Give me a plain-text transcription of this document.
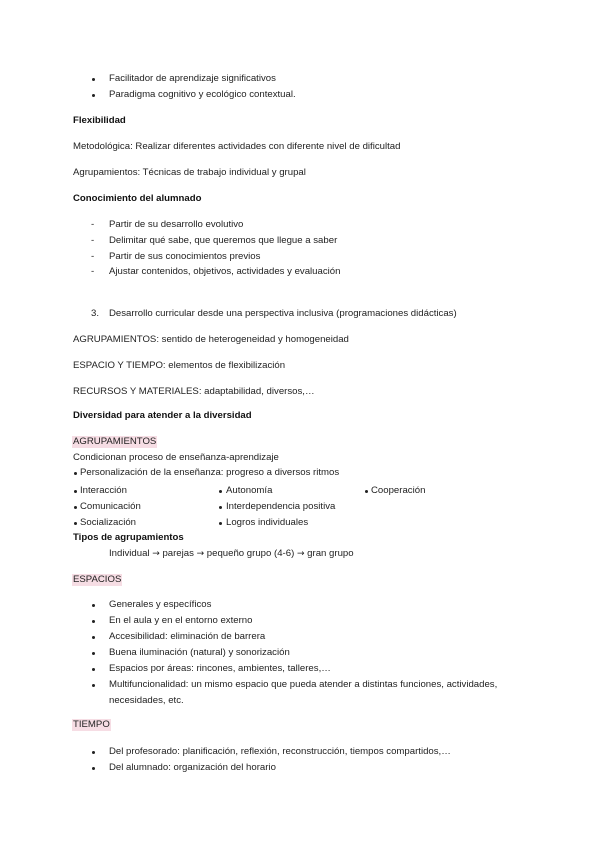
Facilitador de aprendizaje significativos
Paradigma cognitivo y ecológico contextual.
Flexibilidad
Metodológica: Realizar diferentes actividades con diferente nivel de dificultad
Agrupamientos: Técnicas de trabajo individual y grupal
Conocimiento del alumnado
- Partir de su desarrollo evolutivo
- Delimitar qué sabe, que queremos que llegue a saber
- Partir de sus conocimientos previos
- Ajustar contenidos, objetivos, actividades y evaluación
3. Desarrollo curricular desde una perspectiva inclusiva (programaciones didácticas)
AGRUPAMIENTOS: sentido de heterogeneidad y homogeneidad
ESPACIO Y TIEMPO: elementos de flexibilización
RECURSOS Y MATERIALES: adaptabilidad, diversos,…
Diversidad para atender a la diversidad
AGRUPAMIENTOS
Condicionan proceso de enseñanza-aprendizaje
Personalización de la enseñanza: progreso a diversos ritmos
Interacción
Comunicación
Socialización
Autonomía
Interdependencia positiva
Logros individuales
Cooperación
Tipos de agrupamientos
Individual → parejas → pequeño grupo (4-6) → gran grupo
ESPACIOS
Generales y específicos
En el aula y en el entorno externo
Accesibilidad: eliminación de barrera
Buena iluminación (natural) y sonorización
Espacios por áreas: rincones, ambientes, talleres,…
Multifuncionalidad: un mismo espacio que pueda atender a distintas funciones, actividades,
necesidades, etc.
TIEMPO
Del profesorado: planificación, reflexión, reconstrucción, tiempos compartidos,…
Del alumnado: organización del horario
